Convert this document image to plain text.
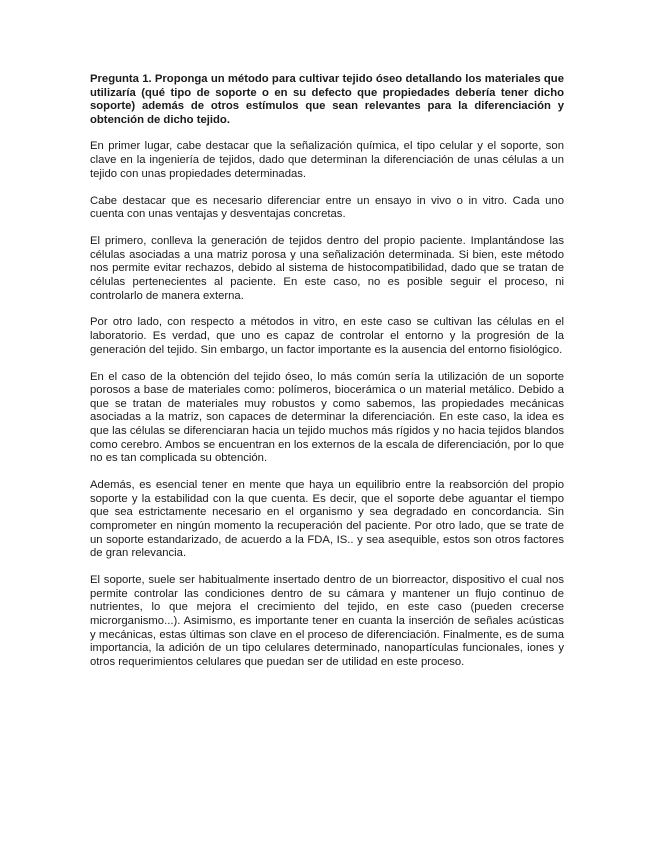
Pregunta 1. Proponga un método para cultivar tejido óseo detallando los materiales que utilizaría (qué tipo de soporte o en su defecto que propiedades debería tener dicho soporte) además de otros estímulos que sean relevantes para la diferenciación y obtención de dicho tejido.

En primer lugar, cabe destacar que la señalización química, el tipo celular y el soporte, son clave en la ingeniería de tejidos, dado que determinan la diferenciación de unas células a un tejido con unas propiedades determinadas.

Cabe destacar que es necesario diferenciar entre un ensayo in vivo o in vitro. Cada uno cuenta con unas ventajas y desventajas concretas.

El primero, conlleva la generación de tejidos dentro del propio paciente. Implantándose las células asociadas a una matriz porosa y una señalización determinada. Si bien, este método nos permite evitar rechazos, debido al sistema de histocompatibilidad, dado que se tratan de células pertenecientes al paciente. En este caso, no es posible seguir el proceso, ni controlarlo de manera externa.

Por otro lado, con respecto a métodos in vitro, en este caso se cultivan las células en el laboratorio. Es verdad, que uno es capaz de controlar el entorno y la progresión de la generación del tejido. Sin embargo, un factor importante es la ausencia del entorno fisiológico.

En el caso de la obtención del tejido óseo, lo más común sería la utilización de un soporte porosos a base de materiales como: polímeros, biocerámica o un material metálico. Debido a que se tratan de materiales muy robustos y como sabemos, las propiedades mecánicas asociadas a la matriz, son capaces de determinar la diferenciación. En este caso, la idea es que las células se diferenciaran hacia un tejido muchos más rígidos y no hacia tejidos blandos como cerebro. Ambos se encuentran en los externos de la escala de diferenciación, por lo que no es tan complicada su obtención.

Además, es esencial tener en mente que haya un equilibrio entre la reabsorción del propio soporte y la estabilidad con la que cuenta. Es decir, que el soporte debe aguantar el tiempo que sea estrictamente necesario en el organismo y sea degradado en concordancia. Sin comprometer en ningún momento la recuperación del paciente. Por otro lado, que se trate de un soporte estandarizado, de acuerdo a la FDA, IS.. y sea asequible, estos son otros factores de gran relevancia.

El soporte, suele ser habitualmente insertado dentro de un biorreactor, dispositivo el cual nos permite controlar las condiciones dentro de su cámara y mantener un flujo continuo de nutrientes, lo que mejora el crecimiento del tejido, en este caso (pueden crecerse microrganismo...). Asimismo, es importante tener en cuanta la inserción de señales acústicas y mecánicas, estas últimas son clave en el proceso de diferenciación. Finalmente, es de suma importancia, la adición de un tipo celulares determinado, nanopartículas funcionales, iones y otros requerimientos celulares que puedan ser de utilidad en este proceso.
